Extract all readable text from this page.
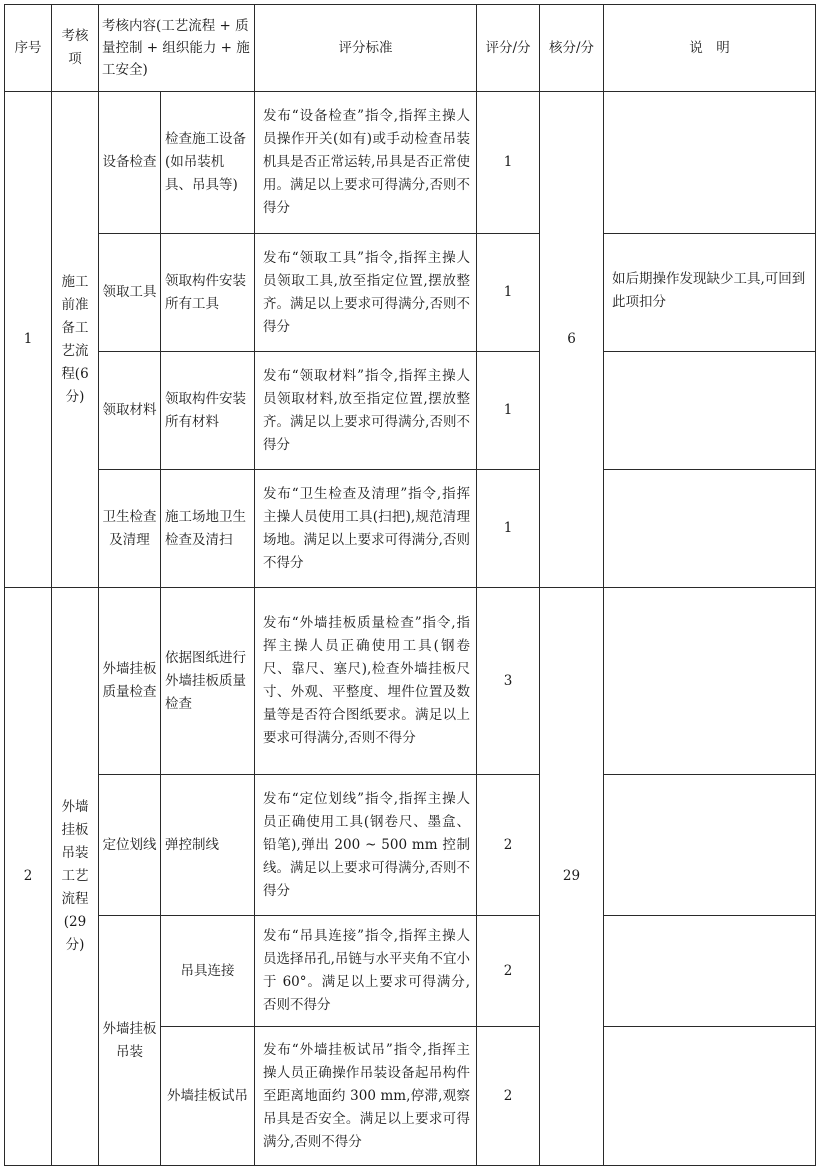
序号	考核项	考核内容(工艺流程 + 质量控制 + 组织能力 + 施工安全)		评分标准	评分/分	核分/分	说　明
1	施工前准备工艺流程(6分)	设备检查	检查施工设备(如吊装机具、吊具等)	发布“设备检查”指令,指挥主操人员操作开关(如有)或手动检查吊装机具是否正常运转,吊具是否正常使用。满足以上要求可得满分,否则不得分	1	6	
		领取工具	领取构件安装所有工具	发布“领取工具”指令,指挥主操人员领取工具,放至指定位置,摆放整齐。满足以上要求可得满分,否则不得分	1		如后期操作发现缺少工具,可回到此项扣分
		领取材料	领取构件安装所有材料	发布“领取材料”指令,指挥主操人员领取材料,放至指定位置,摆放整齐。满足以上要求可得满分,否则不得分	1		
		卫生检查及清理	施工场地卫生检查及清扫	发布“卫生检查及清理”指令,指挥主操人员使用工具(扫把),规范清理场地。满足以上要求可得满分,否则不得分	1		
2	外墙挂板吊装工艺流程(29分)	外墙挂板质量检查	依据图纸进行外墙挂板质量检查	发布“外墙挂板质量检查”指令,指挥主操人员正确使用工具(钢卷尺、靠尺、塞尺),检查外墙挂板尺寸、外观、平整度、埋件位置及数量等是否符合图纸要求。满足以上要求可得满分,否则不得分	3	29	
		定位划线	弹控制线	发布“定位划线”指令,指挥主操人员正确使用工具(钢卷尺、墨盒、铅笔),弹出 200 ~ 500 mm 控制线。满足以上要求可得满分,否则不得分	2		
		外墙挂板吊装	吊具连接	发布“吊具连接”指令,指挥主操人员选择吊孔,吊链与水平夹角不宜小于 60°。满足以上要求可得满分,否则不得分	2		
			外墙挂板试吊	发布“外墙挂板试吊”指令,指挥主操人员正确操作吊装设备起吊构件至距离地面约 300 mm,停滞,观察吊具是否安全。满足以上要求可得满分,否则不得分	2		
